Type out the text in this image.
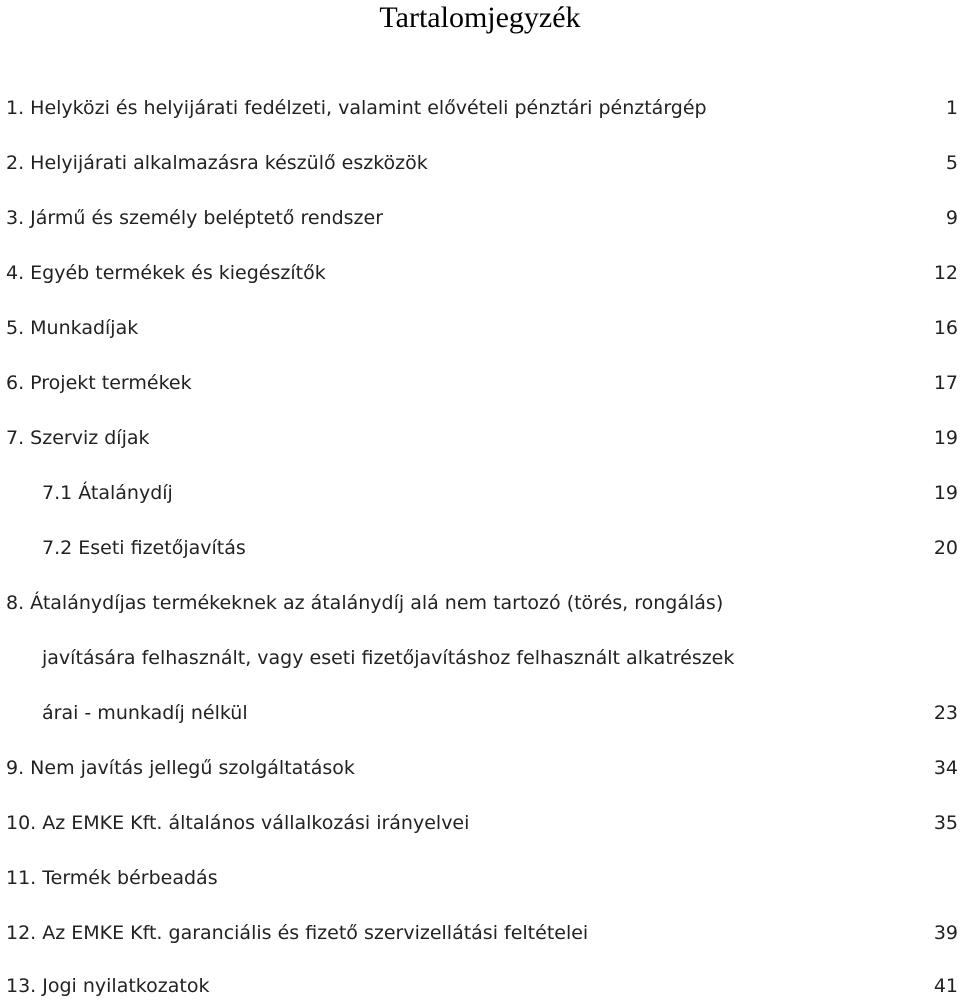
Tartalomjegyzék
1. Helyközi és helyijárati fedélzeti, valamint elővételi pénztári pénztárgép	1
2. Helyijárati alkalmazásra készülő eszközök	5
3. Jármű és személy beléptető rendszer	9
4. Egyéb termékek és kiegészítők	12
5. Munkadíjak	16
6. Projekt termékek	17
7. Szerviz díjak	19
7.1 Átalánydíj	19
7.2 Eseti fizetőjavítás	20
8. Átalánydíjas termékeknek az átalánydíj alá nem tartozó (törés, rongálás)
javítására felhasznált, vagy eseti fizetőjavításhoz felhasznált alkatrészek
árai - munkadíj nélkül	23
9. Nem javítás jellegű szolgáltatások	34
10. Az EMKE Kft. általános vállalkozási irányelvei	35
11. Termék bérbeadás
12. Az EMKE Kft. garanciális és fizető szervizellátási feltételei	39
13. Jogi nyilatkozatok	41
